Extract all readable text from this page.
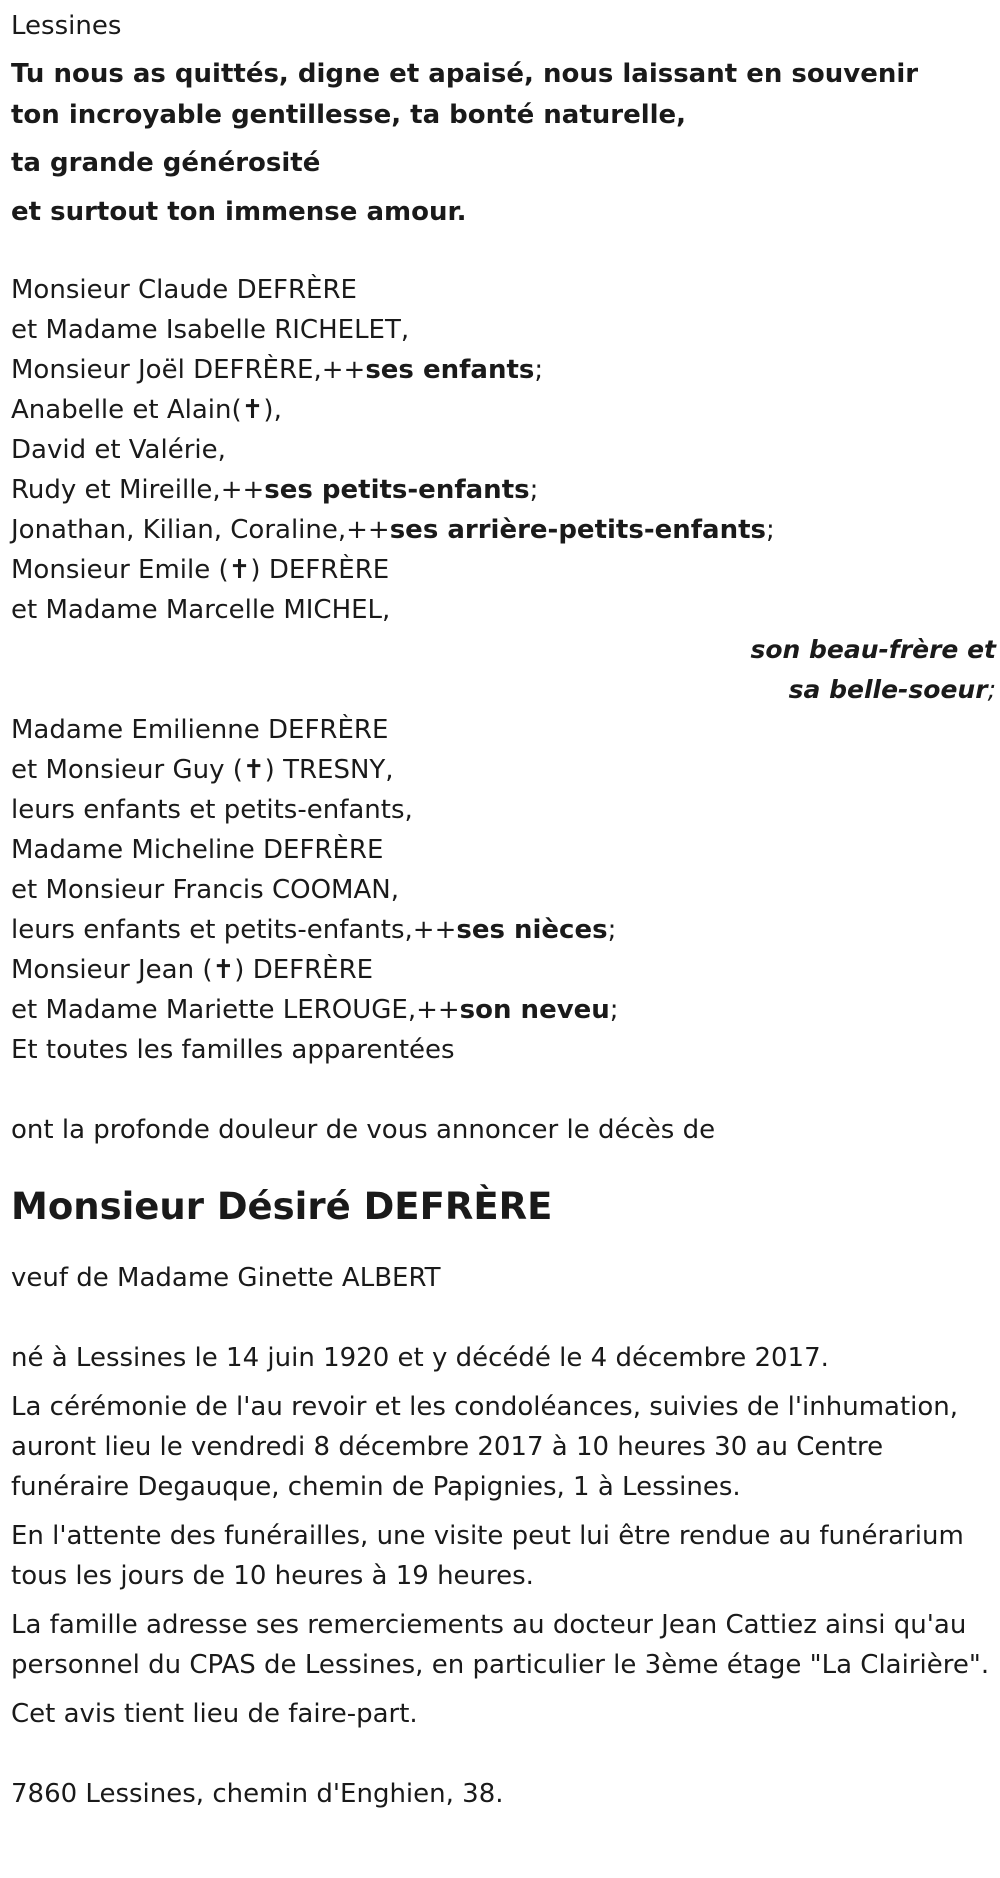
Lessines

Tu nous as quittés, digne et apaisé, nous laissant en souvenir ton incroyable gentillesse, ta bonté naturelle,

ta grande générosité

et surtout ton immense amour.

Monsieur Claude DEFRÈRE

et Madame Isabelle RICHELET,

Monsieur Joël DEFRÈRE,++ses enfants;

Anabelle et Alain(✝),

David et Valérie,

Rudy et Mireille,++ses petits-enfants;

Jonathan, Kilian, Coraline,++ses arrière-petits-enfants;

Monsieur Emile (✝) DEFRÈRE

et Madame Marcelle MICHEL,

son beau-frère et

sa belle-soeur;

Madame Emilienne DEFRÈRE

et Monsieur Guy (✝) TRESNY,

leurs enfants et petits-enfants,

Madame Micheline DEFRÈRE

et Monsieur Francis COOMAN,

leurs enfants et petits-enfants,++ses nièces;

Monsieur Jean (✝) DEFRÈRE

et Madame Mariette LEROUGE,++son neveu;

Et toutes les familles apparentées

ont la profonde douleur de vous annoncer le décès de

Monsieur Désiré DEFRÈRE

veuf de Madame Ginette ALBERT

né à Lessines le 14 juin 1920 et y décédé le 4 décembre 2017.

La cérémonie de l'au revoir et les condoléances, suivies de l'inhumation, auront lieu le vendredi 8 décembre 2017 à 10 heures 30 au Centre funéraire Degauque, chemin de Papignies, 1 à Lessines.

En l'attente des funérailles, une visite peut lui être rendue au funérarium tous les jours de 10 heures à 19 heures.

La famille adresse ses remerciements au docteur Jean Cattiez ainsi qu'au personnel du CPAS de Lessines, en particulier le 3ème étage "La Clairière".

Cet avis tient lieu de faire-part.

7860 Lessines, chemin d'Enghien, 38.
